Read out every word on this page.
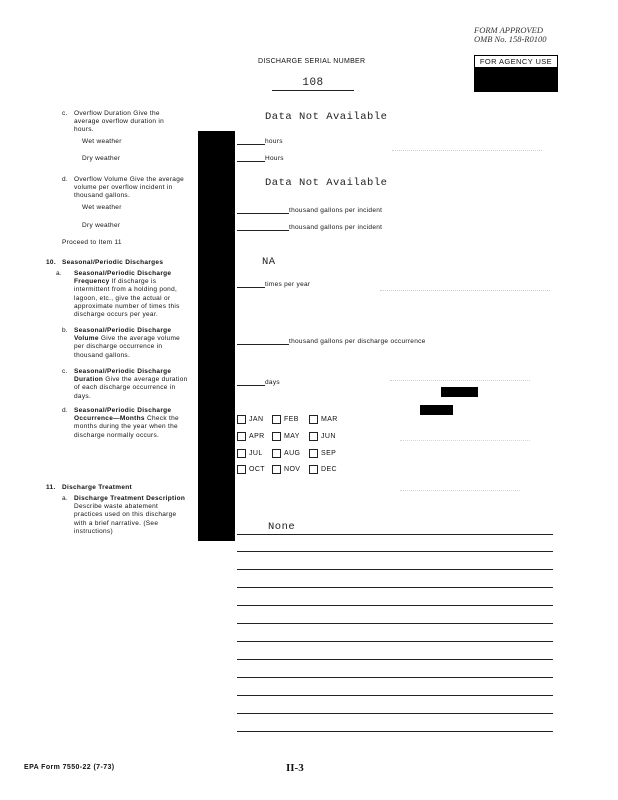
FORM APPROVED
OMB No. 158-R0100
DISCHARGE SERIAL NUMBER
108
FOR AGENCY USE
c. Overflow Duration Give the average overflow duration in hours.
Wet weather
Dry weather
Data Not Available
hours
Hours
d. Overflow Volume Give the average volume per overflow incident in thousand gallons.
Wet weather
Dry weather
Data Not Available
thousand gallons per incident
thousand gallons per incident
Proceed to Item 11
10. Seasonal/Periodic Discharges
a. Seasonal/Periodic Discharge Frequency If discharge is intermittent from a holding pond, lagoon, etc., give the actual or approximate number of times this discharge occurs per year.
NA
times per year
b. Seasonal/Periodic Discharge Volume Give the average volume per discharge occurrence in thousand gallons.
thousand gallons per discharge occurrence
c. Seasonal/Periodic Discharge Duration Give the average duration of each discharge occurrence in days.
days
d. Seasonal/Periodic Discharge Occurrence—Months Check the months during the year when the discharge normally occurs.
JAN	FEB	MAR
APR	MAY	JUN
JUL	AUG	SEP
OCT	NOV	DEC
11. Discharge Treatment
a. Discharge Treatment Description Describe waste abatement practices used on this discharge with a brief narrative. (See instructions)	None
EPA Form 7550-22 (7-73)	II-3
